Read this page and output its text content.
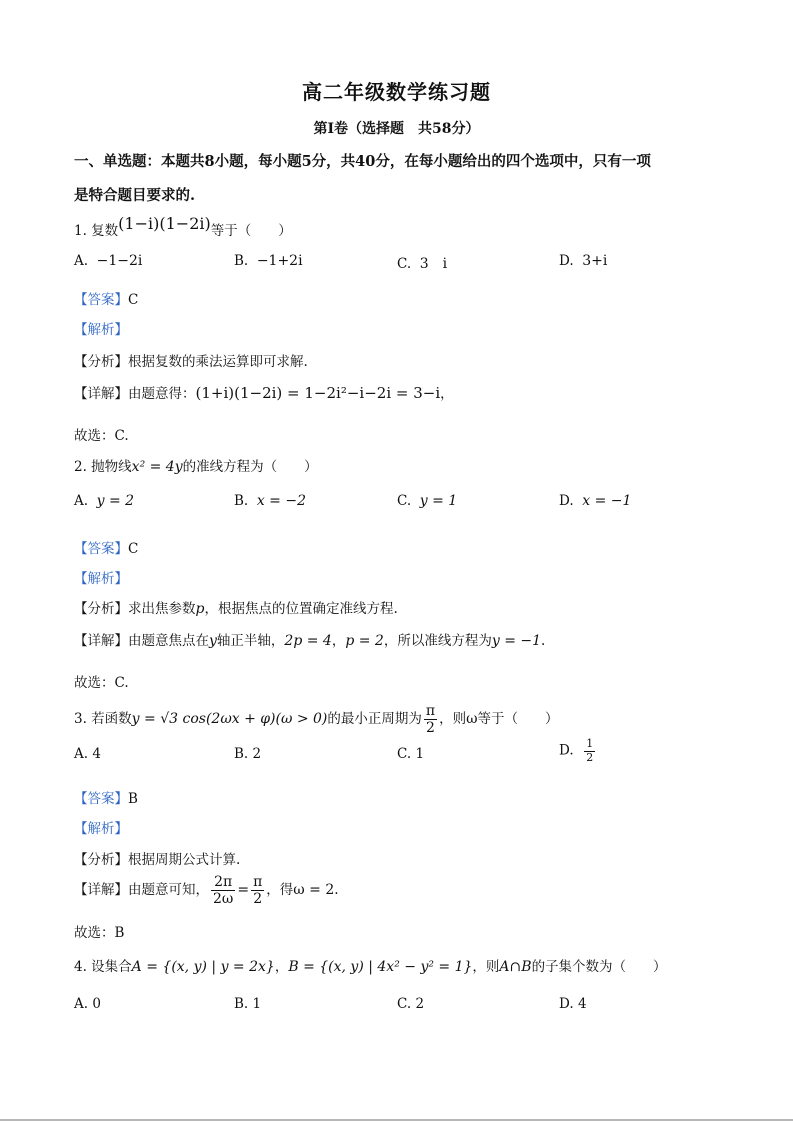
高二年级数学练习题
第I卷（选择题　共58分）
一、单选题：本题共8小题，每小题5分，共40分，在每小题给出的四个选项中，只有一项
是特合题目要求的.
1. 复数(1−i)(1−2i)等于（　　）
A. −1−2i	B. −1+2i	C. 3　i	D. 3+i
【答案】C
【解析】
【分析】根据复数的乘法运算即可求解.
【详解】由题意得：(1+i)(1−2i) = 1−2i²−i−2i = 3−i，
故选：C.
2. 抛物线x² = 4y的准线方程为（　　）
A. y = 2	B. x = −2	C. y = 1	D. x = −1
【答案】C
【解析】
【分析】求出焦参数p，根据焦点的位置确定准线方程.
【详解】由题意焦点在y轴正半轴，2p = 4，p = 2，所以准线方程为y = −1.
故选：C.
3. 若函数y = √3 cos(2ωx + φ)(ω > 0)的最小正周期为 $\frac{\pi}{2}$ ，则ω等于（　　）
A. 4	B. 2	C. 1	D. $\frac{1}{2}$
【答案】B
【解析】
【分析】根据周期公式计算.
【详解】由题意可知， $\frac{2\pi}{2\omega} = \frac{\pi}{2}$ ，得ω = 2.
故选：B
4. 设集合A = {(x, y) | y = 2x}，B = {(x, y) | 4x² − y² = 1}，则A∩B的子集个数为（　　）
A. 0	B. 1	C. 2	D. 4
